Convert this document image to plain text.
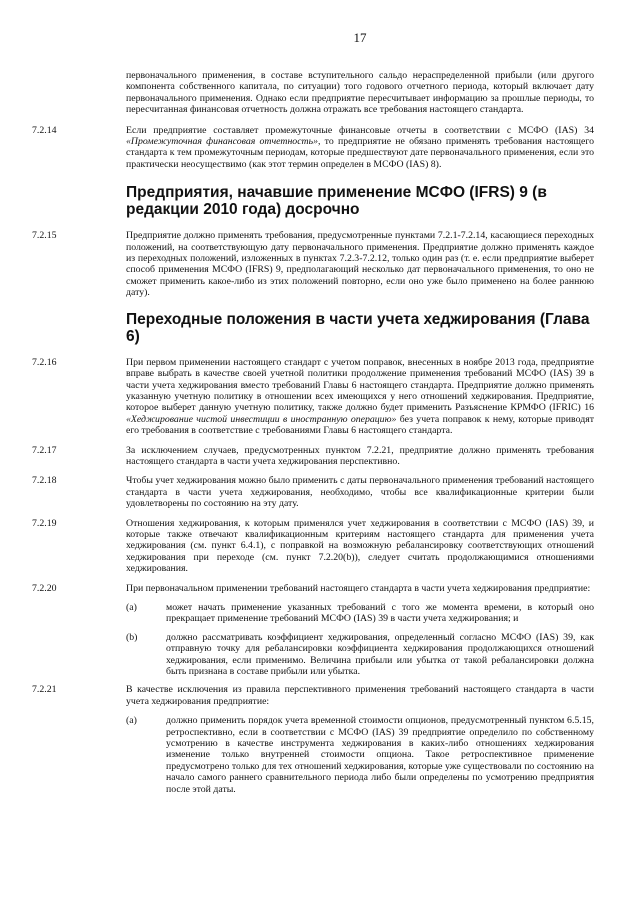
17

первоначального применения, в составе вступительного сальдо нераспределенной прибыли (или другого компонента собственного капитала, по ситуации) того годового отчетного периода, который включает дату первоначального применения. Однако если предприятие пересчитывает информацию за прошлые периоды, то пересчитанная финансовая отчетность должна отражать все требования настоящего стандарта.

7.2.14	Если предприятие составляет промежуточные финансовые отчеты в соответствии с МСФО (IAS) 34 «Промежуточная финансовая отчетность», то предприятие не обязано применять требования настоящего стандарта к тем промежуточным периодам, которые предшествуют дате первоначального применения, если это практически неосуществимо (как этот термин определен в МСФО (IAS) 8).

Предприятия, начавшие применение МСФО (IFRS) 9 (в редакции 2010 года) досрочно

7.2.15	Предприятие должно применять требования, предусмотренные пунктами 7.2.1-7.2.14, касающиеся переходных положений, на соответствующую дату первоначального применения. Предприятие должно применять каждое из переходных положений, изложенных в пунктах 7.2.3-7.2.12, только один раз (т. е. если предприятие выберет способ применения МСФО (IFRS) 9, предполагающий несколько дат первоначального применения, то оно не сможет применить какое-либо из этих положений повторно, если оно уже было применено на более раннюю дату).

Переходные положения в части учета хеджирования (Глава 6)

7.2.16	При первом применении настоящего стандарт с учетом поправок, внесенных в ноябре 2013 года, предприятие вправе выбрать в качестве своей учетной политики продолжение применения требований МСФО (IAS) 39 в части учета хеджирования вместо требований Главы 6 настоящего стандарта. Предприятие должно применять указанную учетную политику в отношении всех имеющихся у него отношений хеджирования. Предприятие, которое выберет данную учетную политику, также должно будет применить Разъяснение КРМФО (IFRIC) 16 «Хеджирование чистой инвестиции в иностранную операцию» без учета поправок к нему, которые приводят его требования в соответствие с требованиями Главы 6 настоящего стандарта.

7.2.17	За исключением случаев, предусмотренных пунктом 7.2.21, предприятие должно применять требования настоящего стандарта в части учета хеджирования перспективно.

7.2.18	Чтобы учет хеджирования можно было применить с даты первоначального применения требований настоящего стандарта в части учета хеджирования, необходимо, чтобы все квалификационные критерии были удовлетворены по состоянию на эту дату.

7.2.19	Отношения хеджирования, к которым применялся учет хеджирования в соответствии с МСФО (IAS) 39, и которые также отвечают квалификационным критериям настоящего стандарта для применения учета хеджирования (см. пункт 6.4.1), с поправкой на возможную ребалансировку соответствующих отношений хеджирования при переходе (см. пункт 7.2.20(b)), следует считать продолжающимися отношениями хеджирования.

7.2.20	При первоначальном применении требований настоящего стандарта в части учета хеджирования предприятие:

(a)	может начать применение указанных требований с того же момента времени, в который оно прекращает применение требований МСФО (IAS) 39 в части учета хеджирования; и

(b)	должно рассматривать коэффициент хеджирования, определенный согласно МСФО (IAS) 39, как отправную точку для ребалансировки коэффициента хеджирования продолжающихся отношений хеджирования, если применимо. Величина прибыли или убытка от такой ребалансировки должна быть признана в составе прибыли или убытка.

7.2.21	В качестве исключения из правила перспективного применения требований настоящего стандарта в части учета хеджирования предприятие:

(a)	должно применить порядок учета временной стоимости опционов, предусмотренный пунктом 6.5.15, ретроспективно, если в соответствии с МСФО (IAS) 39 предприятие определило по собственному усмотрению в качестве инструмента хеджирования в каких-либо отношениях хеджирования изменение только внутренней стоимости опциона. Такое ретроспективное применение предусмотрено только для тех отношений хеджирования, которые уже существовали по состоянию на начало самого раннего сравнительного периода либо были определены по усмотрению предприятия после этой даты.
